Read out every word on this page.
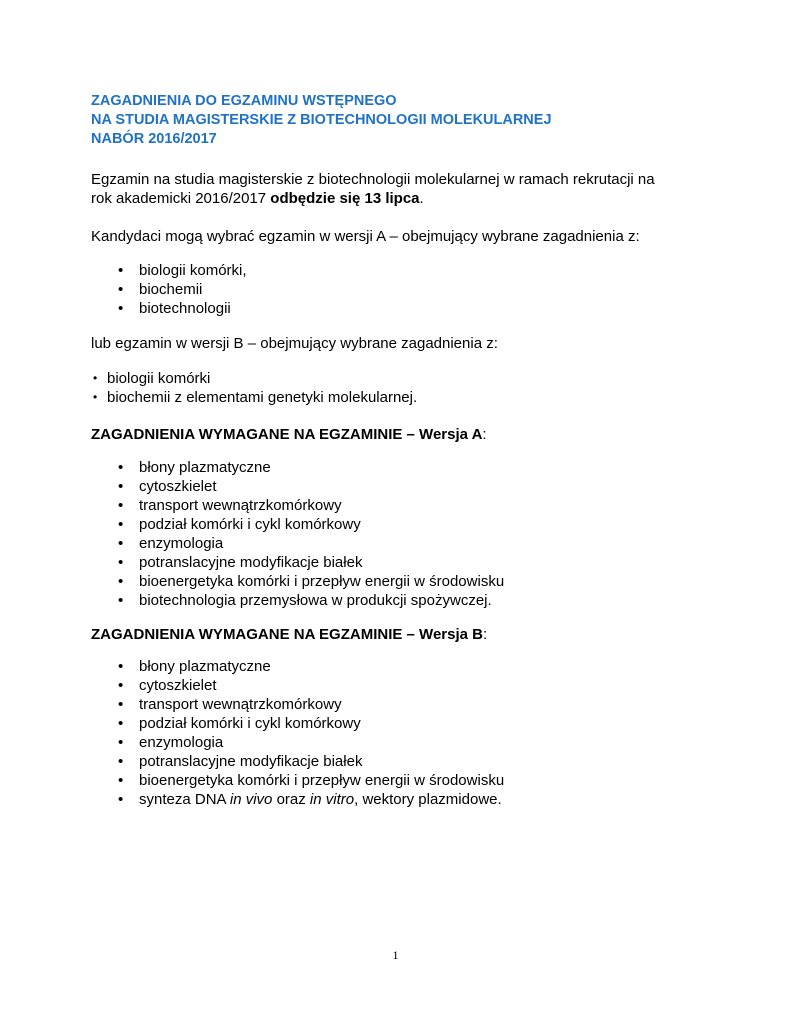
ZAGADNIENIA DO EGZAMINU WSTĘPNEGO
NA STUDIA MAGISTERSKIE Z BIOTECHNOLOGII MOLEKULARNEJ
NABÓR 2016/2017

Egzamin na studia magisterskie z biotechnologii molekularnej w ramach rekrutacji na
rok akademicki 2016/2017 odbędzie się 13 lipca.

Kandydaci mogą wybrać egzamin w wersji A – obejmujący wybrane zagadnienia z:

• biologii komórki,
• biochemii
• biotechnologii

lub egzamin w wersji B – obejmujący wybrane zagadnienia z:

• biologii komórki
• biochemii z elementami genetyki molekularnej.

ZAGADNIENIA WYMAGANE NA EGZAMINIE – Wersja A:

• błony plazmatyczne
• cytoszkielet
• transport wewnątrzkomórkowy
• podział komórki i cykl komórkowy
• enzymologia
• potranslacyjne modyfikacje białek
• bioenergetyka komórki i przepływ energii w środowisku
• biotechnologia przemysłowa w produkcji spożywczej.

ZAGADNIENIA WYMAGANE NA EGZAMINIE – Wersja B:

• błony plazmatyczne
• cytoszkielet
• transport wewnątrzkomórkowy
• podział komórki i cykl komórkowy
• enzymologia
• potranslacyjne modyfikacje białek
• bioenergetyka komórki i przepływ energii w środowisku
• synteza DNA in vivo oraz in vitro, wektory plazmidowe.
1
